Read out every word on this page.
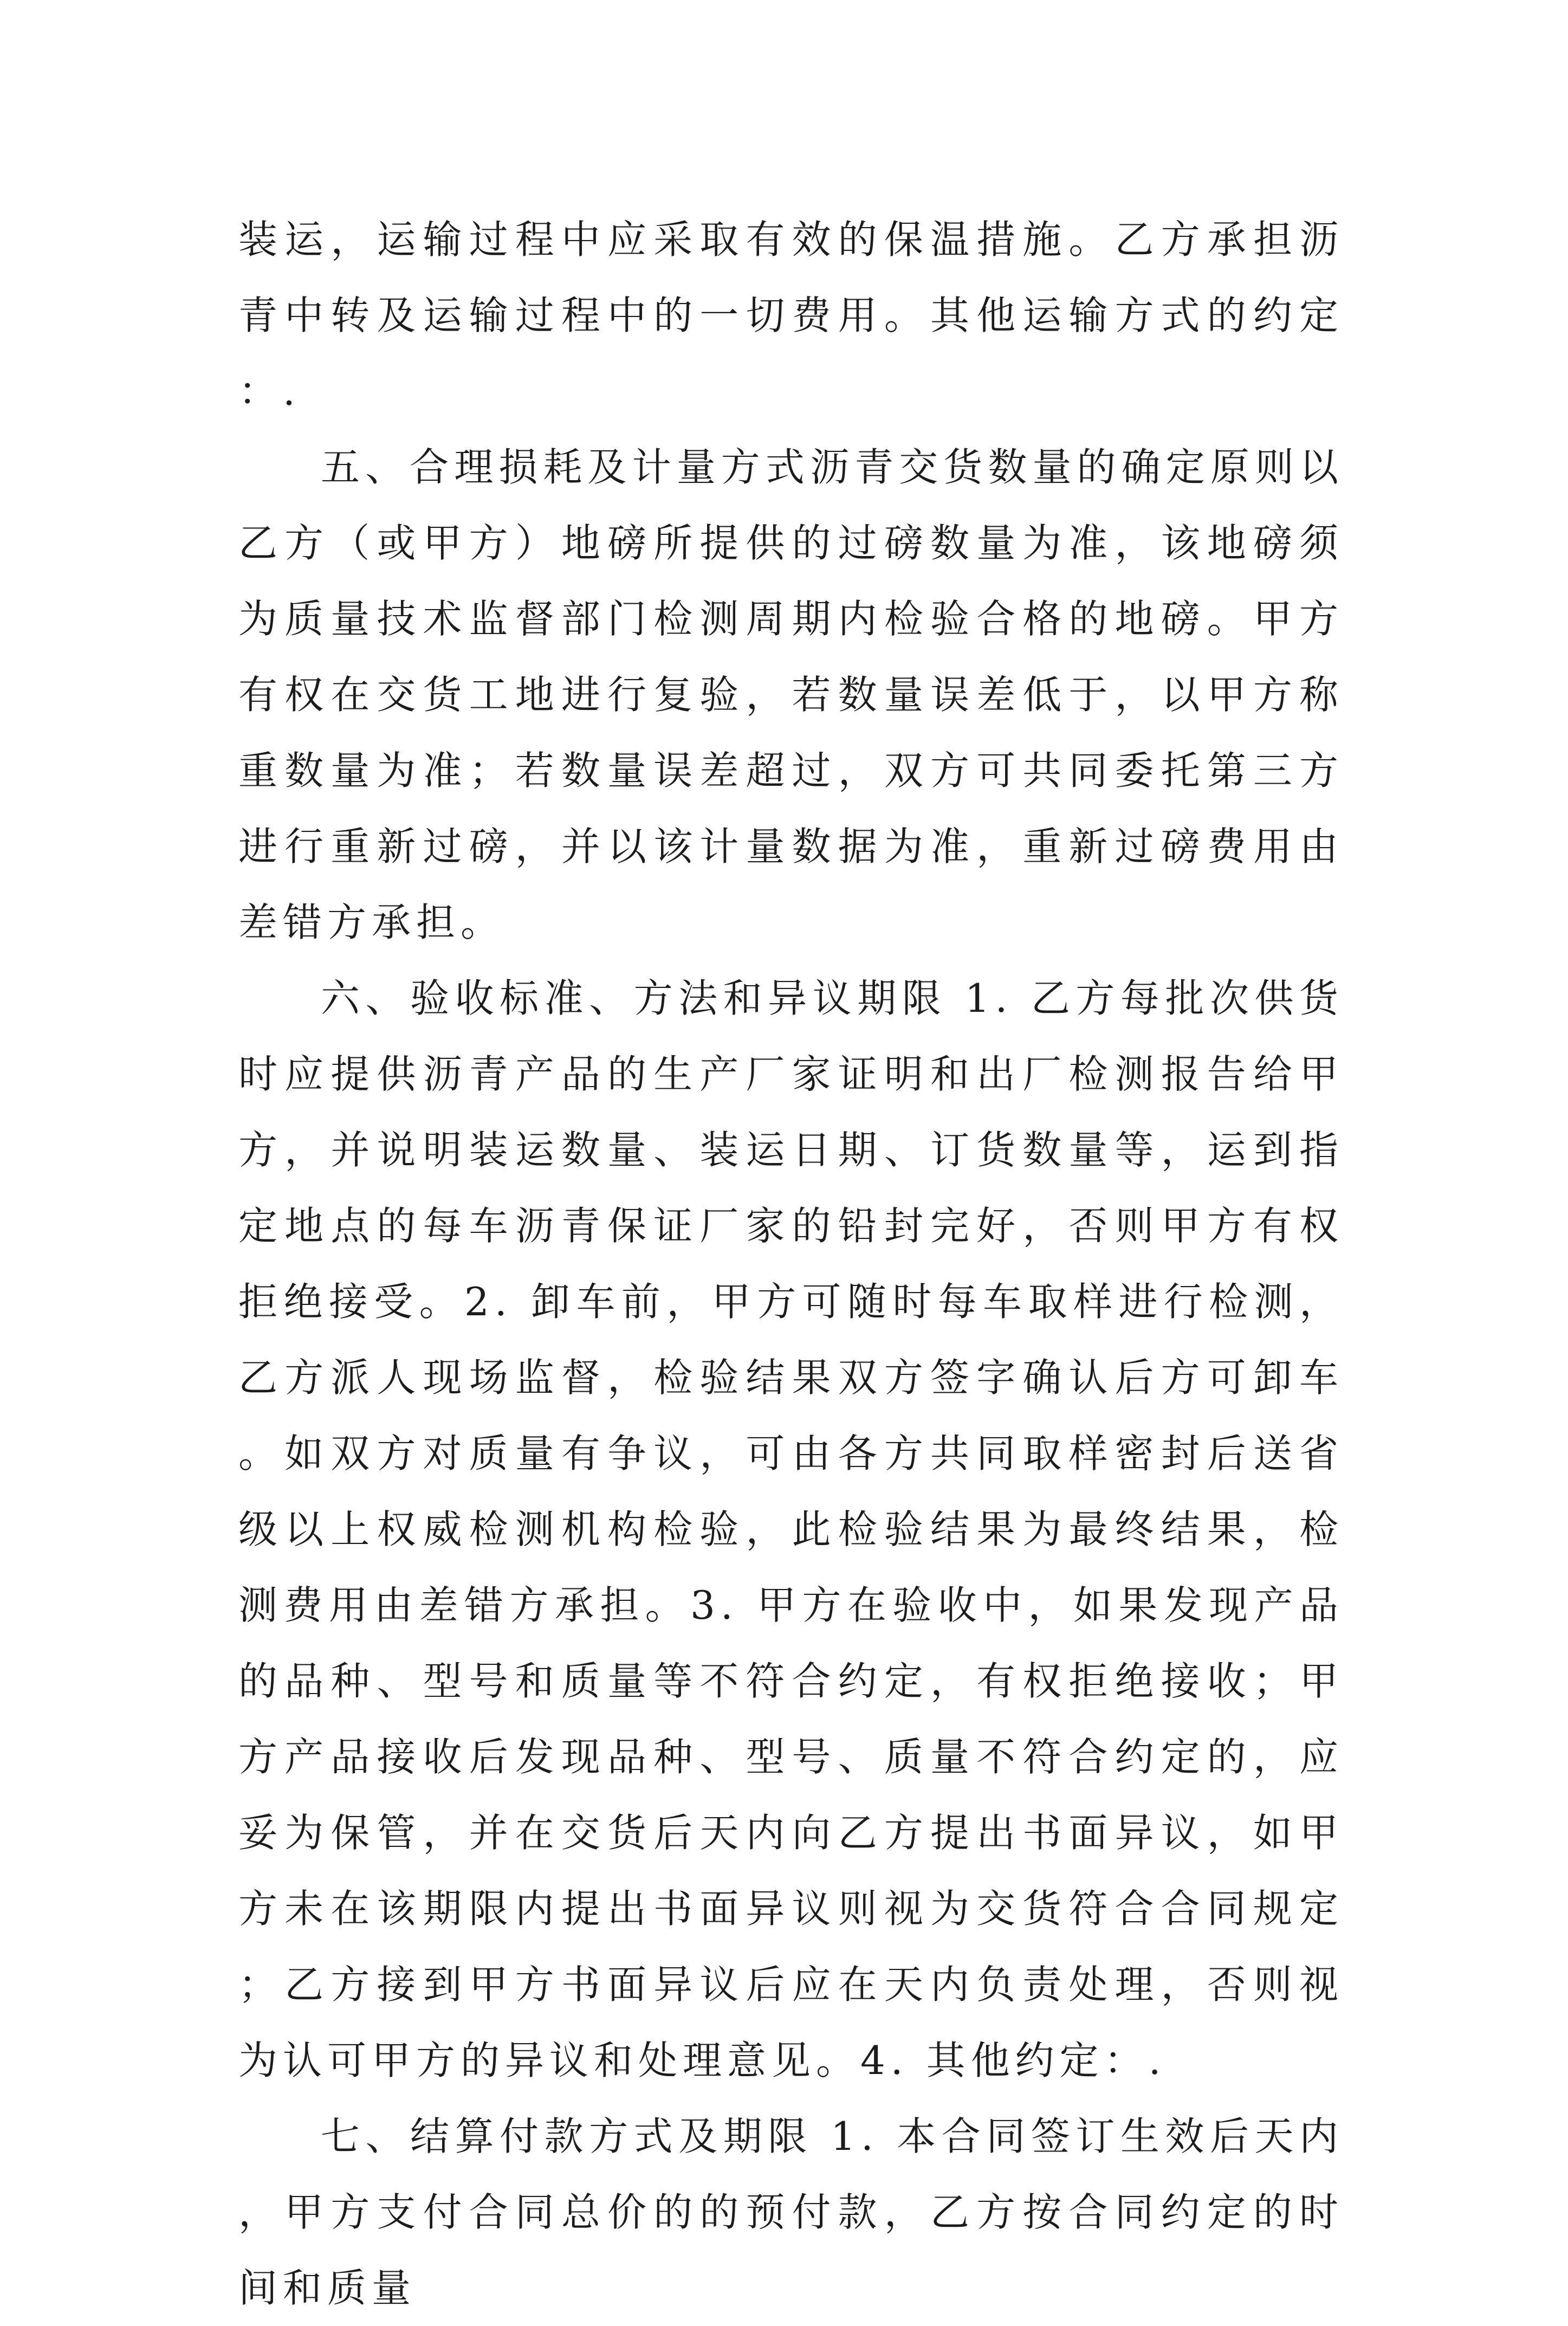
装运，运输过程中应采取有效的保温措施。乙方承担沥青中转及运输过程中的一切费用。其他运输方式的约定：.

五、合理损耗及计量方式沥青交货数量的确定原则以乙方（或甲方）地磅所提供的过磅数量为准，该地磅须为质量技术监督部门检测周期内检验合格的地磅。甲方有权在交货工地进行复验，若数量误差低于，以甲方称重数量为准；若数量误差超过，双方可共同委托第三方进行重新过磅，并以该计量数据为准，重新过磅费用由差错方承担。

六、验收标准、方法和异议期限 1. 乙方每批次供货时应提供沥青产品的生产厂家证明和出厂检测报告给甲方，并说明装运数量、装运日期、订货数量等，运到指定地点的每车沥青保证厂家的铅封完好，否则甲方有权拒绝接受。2. 卸车前，甲方可随时每车取样进行检测，乙方派人现场监督，检验结果双方签字确认后方可卸车。如双方对质量有争议，可由各方共同取样密封后送省级以上权威检测机构检验，此检验结果为最终结果，检测费用由差错方承担。3. 甲方在验收中，如果发现产品的品种、型号和质量等不符合约定，有权拒绝接收；甲方产品接收后发现品种、型号、质量不符合约定的，应妥为保管，并在交货后天内向乙方提出书面异议，如甲方未在该期限内提出书面异议则视为交货符合合同规定；乙方接到甲方书面异议后应在天内负责处理，否则视为认可甲方的异议和处理意见。4. 其他约定：.

七、结算付款方式及期限 1. 本合同签订生效后天内，甲方支付合同总价的的预付款，乙方按合同约定的时间和质量
